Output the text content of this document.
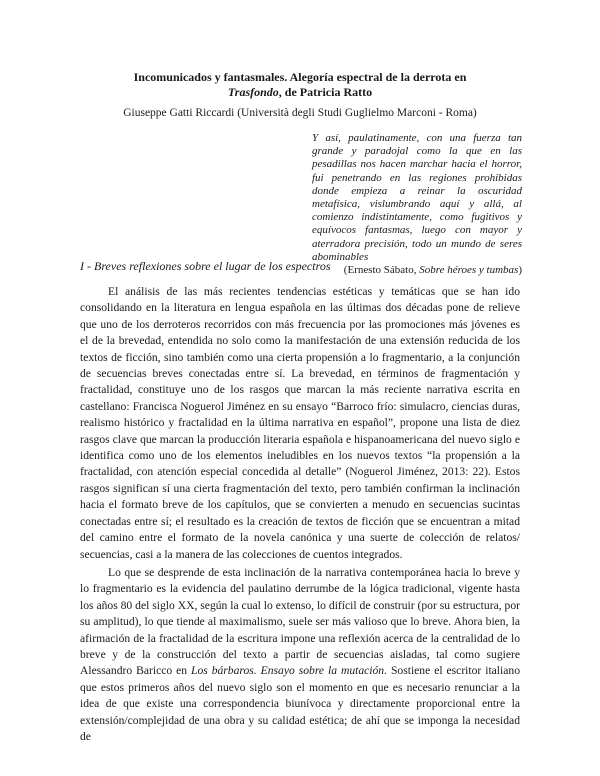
Incomunicados y fantasmales. Alegoría espectral de la derrota en
Trasfondo, de Patricia Ratto
Giuseppe Gatti Riccardi (Università degli Studi Guglielmo Marconi - Roma)
Y así, paulatinamente, con una fuerza tan grande y paradojal como la que en las pesadillas nos hacen marchar hacia el horror, fui penetrando en las regiones prohibidas donde empieza a reinar la oscuridad metafísica, vislumbrando aquí y allá, al comienzo indistintamente, como fugitivos y equívocos fantasmas, luego con mayor y aterradora precisión, todo un mundo de seres abominables
(Ernesto Sábato, Sobre héroes y tumbas)
I - Breves reflexiones sobre el lugar de los espectros

El análisis de las más recientes tendencias estéticas y temáticas que se han ido consolidando en la literatura en lengua española en las últimas dos décadas pone de relieve que uno de los derroteros recorridos con más frecuencia por las promociones más jóvenes es el de la brevedad, entendida no solo como la manifestación de una extensión reducida de los textos de ficción, sino también como una cierta propensión a lo fragmentario, a la conjunción de secuencias breves conectadas entre sí. La brevedad, en términos de fragmentación y fractalidad, constituye uno de los rasgos que marcan la más reciente narrativa escrita en castellano: Francisca Noguerol Jiménez en su ensayo “Barroco frío: simulacro, ciencias duras, realismo histórico y fractalidad en la última narrativa en español”, propone una lista de diez rasgos clave que marcan la producción literaria española e hispanoamericana del nuevo siglo e identifica como uno de los elementos ineludibles en los nuevos textos “la propensión a la fractalidad, con atención especial concedida al detalle” (Noguerol Jiménez, 2013: 22). Estos rasgos significan sí una cierta fragmentación del texto, pero también confirman la inclinación hacia el formato breve de los capítulos, que se convierten a menudo en secuencias sucintas conectadas entre sí; el resultado es la creación de textos de ficción que se encuentran a mitad del camino entre el formato de la novela canónica y una suerte de colección de relatos/ secuencias, casi a la manera de las colecciones de cuentos integrados.

Lo que se desprende de esta inclinación de la narrativa contemporánea hacia lo breve y lo fragmentario es la evidencia del paulatino derrumbe de la lógica tradicional, vigente hasta los años 80 del siglo XX, según la cual lo extenso, lo difícil de construir (por su estructura, por su amplitud), lo que tiende al maximalismo, suele ser más valioso que lo breve. Ahora bien, la afirmación de la fractalidad de la escritura impone una reflexión acerca de la centralidad de lo breve y de la construcción del texto a partir de secuencias aisladas, tal como sugiere Alessandro Baricco en Los bárbaros. Ensayo sobre la mutación. Sostiene el escritor italiano que estos primeros años del nuevo siglo son el momento en que es necesario renunciar a la idea de que existe una correspondencia biunívoca y directamente proporcional entre la extensión/complejidad de una obra y su calidad estética; de ahí que se imponga la necesidad de
